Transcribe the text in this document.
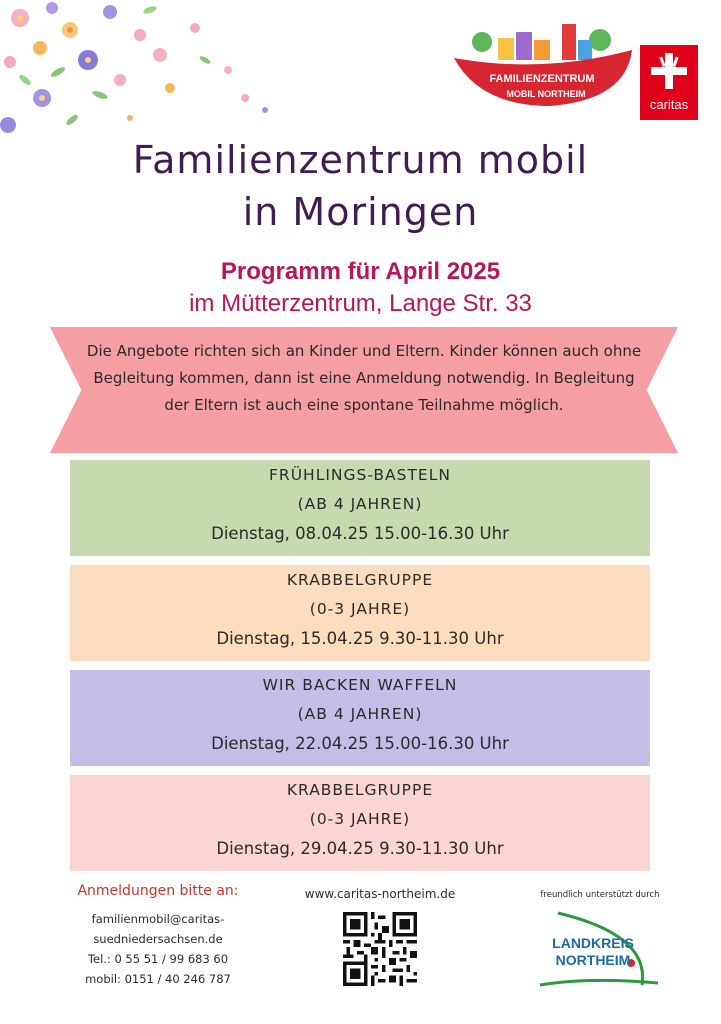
FAMILIENZENTRUM
MOBIL NORTHEIM
caritas
Familienzentrum mobil
in Moringen
Programm für April 2025
im Mütterzentrum, Lange Str. 33
Die Angebote richten sich an Kinder und Eltern. Kinder können auch ohne Begleitung kommen, dann ist eine Anmeldung notwendig. In Begleitung der Eltern ist auch eine spontane Teilnahme möglich.
FRÜHLINGS-BASTELN
(AB 4 JAHREN)
Dienstag, 08.04.25 15.00-16.30 Uhr
KRABBELGRUPPE
(0-3 JAHRE)
Dienstag, 15.04.25 9.30-11.30 Uhr
WIR BACKEN WAFFELN
(AB 4 JAHREN)
Dienstag, 22.04.25 15.00-16.30 Uhr
KRABBELGRUPPE
(0-3 JAHRE)
Dienstag, 29.04.25 9.30-11.30 Uhr
Anmeldungen bitte an:
familienmobil@caritas-
suedniedersachsen.de
Tel.: 0 55 51 / 99 683 60
mobil: 0151 / 40 246 787
www.caritas-northeim.de	freundlich unterstützt durch
LANDKREIS
NORTHEIM
